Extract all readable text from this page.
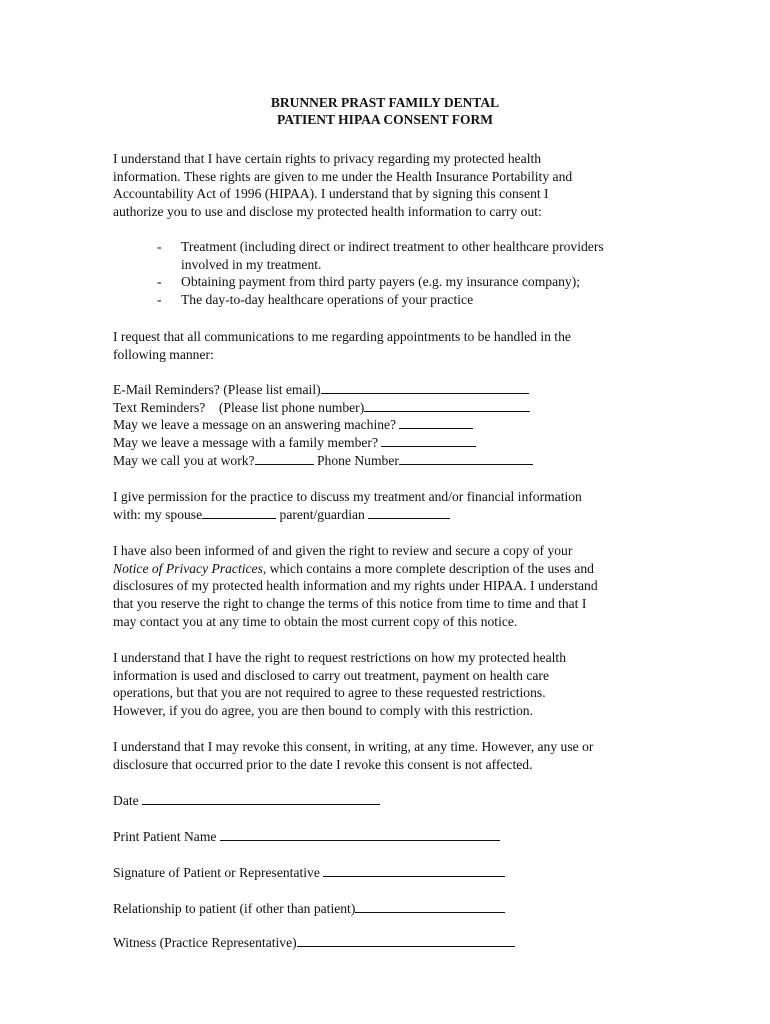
BRUNNER PRAST FAMILY DENTAL
PATIENT HIPAA CONSENT FORM

I understand that I have certain rights to privacy regarding my protected health

information. These rights are given to me under the Health Insurance Portability and

Accountability Act of 1996 (HIPAA). I understand that by signing this consent I

authorize you to use and disclose my protected health information to carry out:

- Treatment (including direct or indirect treatment to other healthcare providers
involved in my treatment.
- Obtaining payment from third party payers (e.g. my insurance company);
- The day-to-day healthcare operations of your practice

I request that all communications to me regarding appointments to be handled in the

following manner:

E-Mail Reminders? (Please list email)

Text Reminders?    (Please list phone number)

May we leave a message on an answering machine?

May we leave a message with a family member?

May we call you at work?	Phone Number

I give permission for the practice to discuss my treatment and/or financial information

with: my spouse	parent/guardian

I have also been informed of and given the right to review and secure a copy of your

Notice of Privacy Practices, which contains a more complete description of the uses and

disclosures of my protected health information and my rights under HIPAA. I understand

that you reserve the right to change the terms of this notice from time to time and that I

may contact you at any time to obtain the most current copy of this notice.

I understand that I have the right to request restrictions on how my protected health

information is used and disclosed to carry out treatment, payment on health care

operations, but that you are not required to agree to these requested restrictions.

However, if you do agree, you are then bound to comply with this restriction.

I understand that I may revoke this consent, in writing, at any time. However, any use or

disclosure that occurred prior to the date I revoke this consent is not affected.

Date
Print Patient Name
Signature of Patient or Representative
Relationship to patient (if other than patient)
Witness (Practice Representative)
